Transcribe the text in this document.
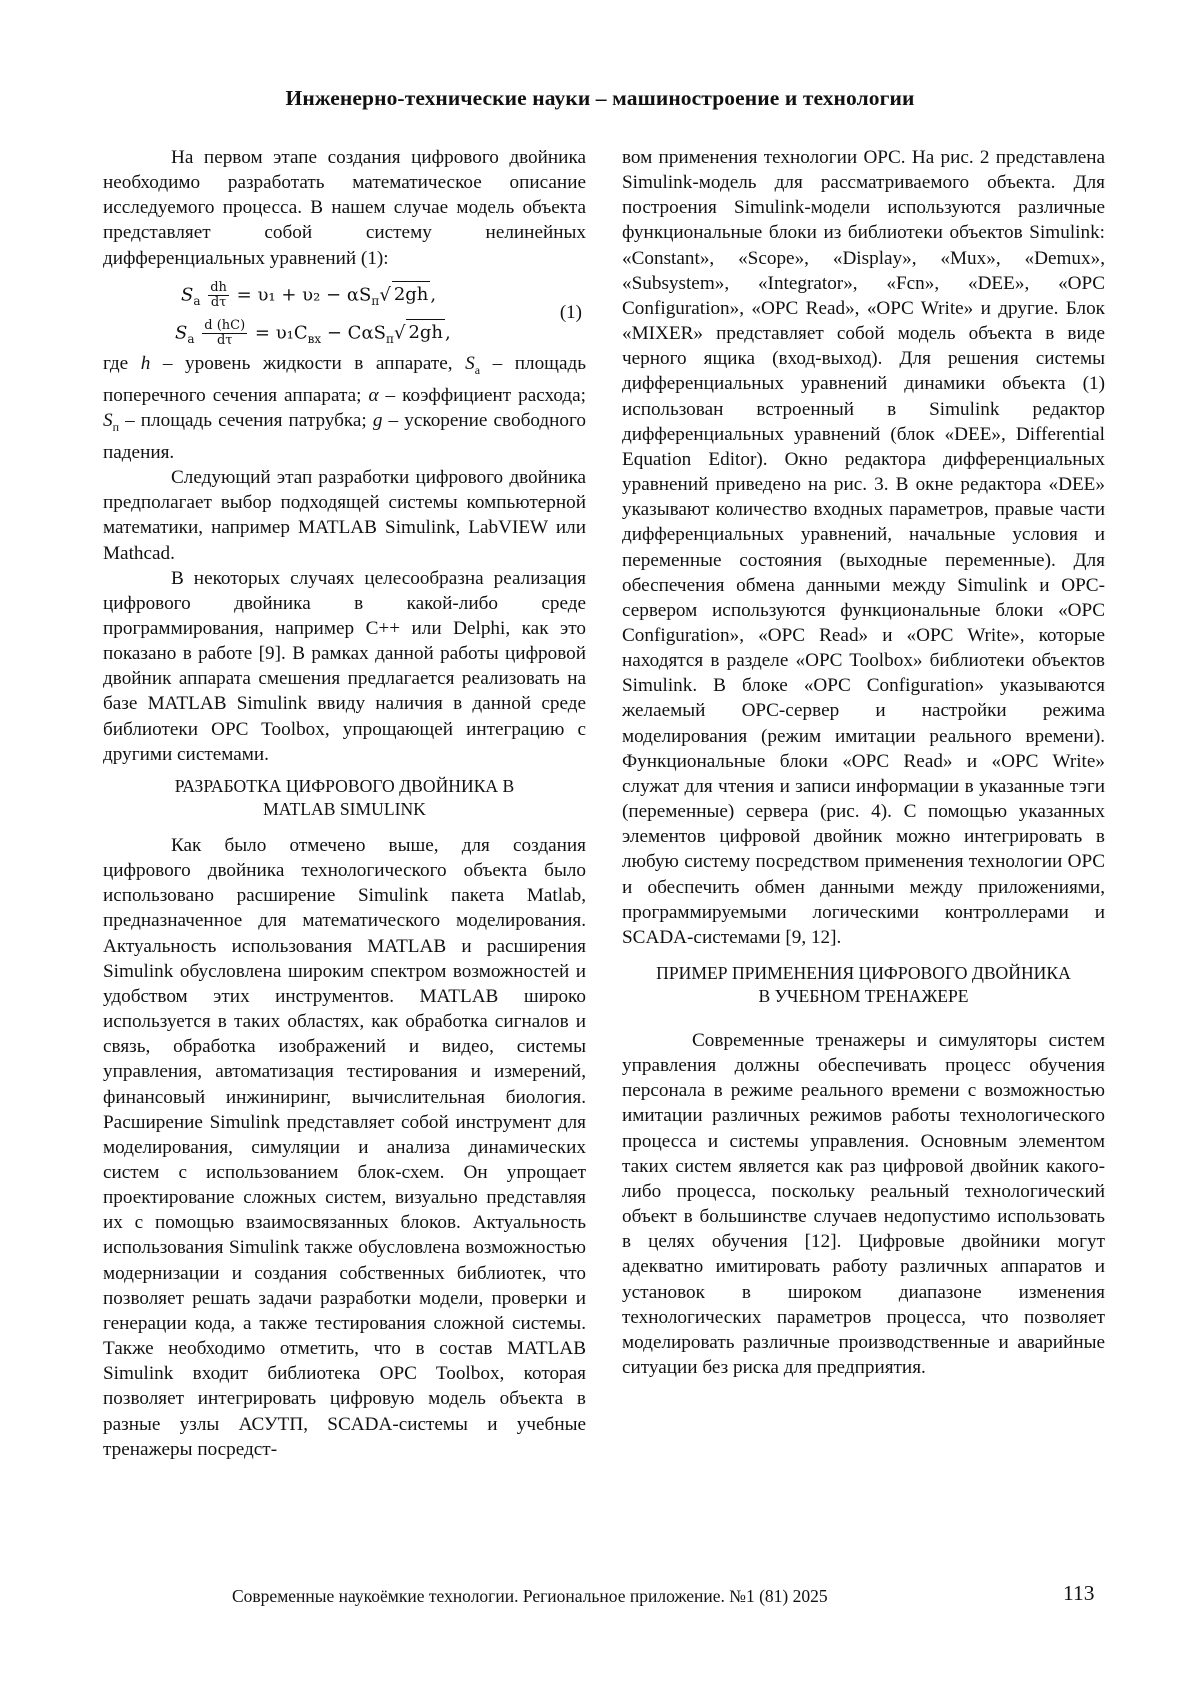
Инженерно-технические науки – машиностроение и технологии

На первом этапе создания цифрового двойника необходимо разработать математическое описание исследуемого процесса. В нашем случае модель объекта представляет собой систему нелинейных дифференциальных уравнений (1):

$S_а \frac{dh}{d\tau} = \upsilon_1 + \upsilon_2 - \alpha S_п√$ 2gh ,
$S_а \frac{d (hC)}{d\tau} = \upsilon_1C_{вх} - C\alpha S_п√$ 2gh ,
(1)

где h – уровень жидкости в аппарате, $S_a$ – площадь поперечного сечения аппарата; α – коэффициент расхода; $S_п$ – площадь сечения патрубка; g – ускорение свободного падения.

Следующий этап разработки цифрового двойника предполагает выбор подходящей системы компьютерной математики, например MATLAB Simulink, LabVIEW или Mathcad.

В некоторых случаях целесообразна реализация цифрового двойника в какой-либо среде программирования, например C++ или Delphi, как это показано в работе [9]. В рамках данной работы цифровой двойник аппарата смешения предлагается реализовать на базе MATLAB Simulink ввиду наличия в данной среде библиотеки OPC Toolbox, упрощающей интеграцию с другими системами.

РАЗРАБОТКА ЦИФРОВОГО ДВОЙНИКА В
MATLAB SIMULINK

Как было отмечено выше, для создания цифрового двойника технологического объекта было использовано расширение Simulink пакета Matlab, предназначенное для математического моделирования. Актуальность использования MATLAB и расширения Simulink обусловлена широким спектром возможностей и удобством этих инструментов. MATLAB широко используется в таких областях, как обработка сигналов и связь, обработка изображений и видео, системы управления, автоматизация тестирования и измерений, финансовый инжиниринг, вычислительная биология. Расширение Simulink представляет собой инструмент для моделирования, симуляции и анализа динамических систем с использованием блок-схем. Он упрощает проектирование сложных систем, визуально представляя их с помощью взаимосвязанных блоков. Актуальность использования Simulink также обусловлена возможностью модернизации и создания собственных библиотек, что позволяет решать задачи разработки модели, проверки и генерации кода, а также тестирования сложной системы. Также необходимо отметить, что в состав MATLAB Simulink входит библиотека OPC Toolbox, которая позволяет интегрировать цифровую модель объекта в разные узлы АСУТП, SCADA-системы и учебные тренажеры посредст-

вом применения технологии OPC. На рис. 2 представлена Simulink-модель для рассматриваемого объекта. Для построения Simulink-модели используются различные функциональные блоки из библиотеки объектов Simulink: «Constant», «Scope», «Display», «Mux», «Demux», «Subsystem», «Integrator», «Fcn», «DEE», «OPC Configuration», «OPC Read», «OPC Write» и другие. Блок «MIXER» представляет собой модель объекта в виде черного ящика (вход-выход). Для решения системы дифференциальных уравнений динамики объекта (1) использован встроенный в Simulink редактор дифференциальных уравнений (блок «DEE», Differential Equation Editor). Окно редактора дифференциальных уравнений приведено на рис. 3. В окне редактора «DEE» указывают количество входных параметров, правые части дифференциальных уравнений, начальные условия и переменные состояния (выходные переменные). Для обеспечения обмена данными между Simulink и OPC-сервером используются функциональные блоки «OPC Configuration», «OPC Read» и «OPC Write», которые находятся в разделе «OPC Toolbox» библиотеки объектов Simulink. В блоке «OPC Configuration» указываются желаемый OPC-сервер и настройки режима моделирования (режим имитации реального времени). Функциональные блоки «OPC Read» и «OPC Write» служат для чтения и записи информации в указанные тэги (переменные) сервера (рис. 4). С помощью указанных элементов цифровой двойник можно интегрировать в любую систему посредством применения технологии OPC и обеспечить обмен данными между приложениями, программируемыми логическими контроллерами и SCADA-системами [9, 12].

ПРИМЕР ПРИМЕНЕНИЯ ЦИФРОВОГО ДВОЙНИКА
В УЧЕБНОМ ТРЕНАЖЕРЕ

Современные тренажеры и симуляторы систем управления должны обеспечивать процесс обучения персонала в режиме реального времени с возможностью имитации различных режимов работы технологического процесса и системы управления. Основным элементом таких систем является как раз цифровой двойник какого-либо процесса, поскольку реальный технологический объект в большинстве случаев недопустимо использовать в целях обучения [12]. Цифровые двойники могут адекватно имитировать работу различных аппаратов и установок в широком диапазоне изменения технологических параметров процесса, что позволяет моделировать различные производственные и аварийные ситуации без риска для предприятия.

Современные наукоёмкие технологии. Региональное приложение. №1 (81) 2025	113
